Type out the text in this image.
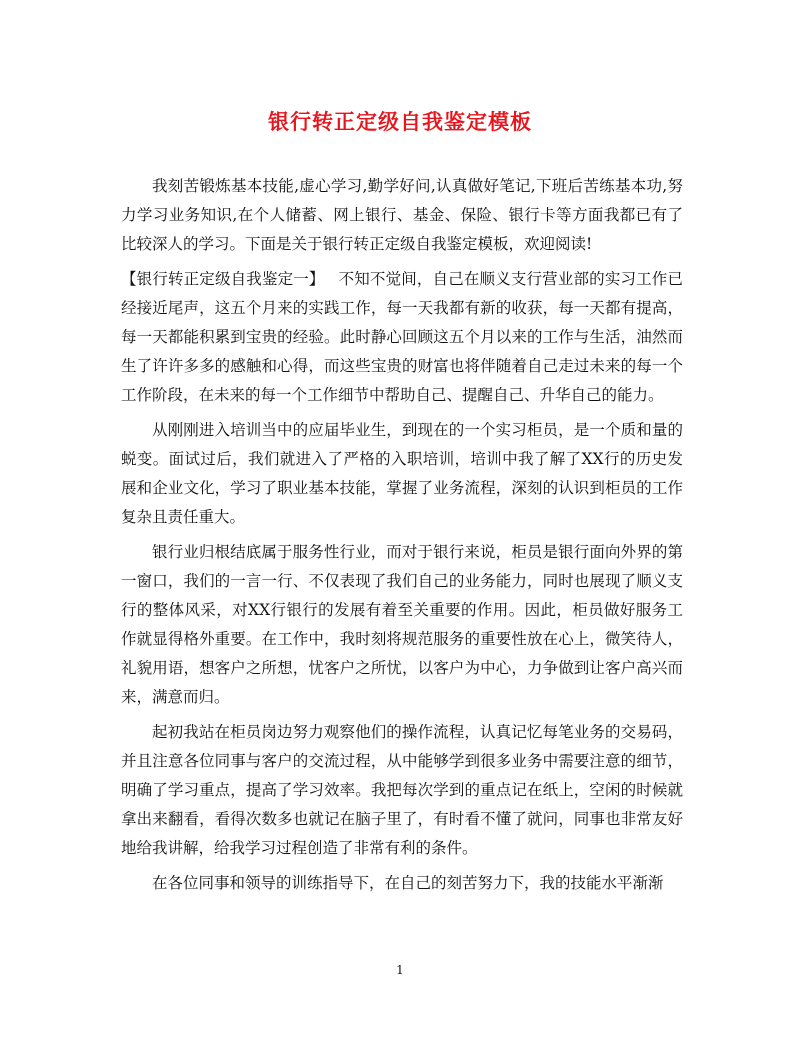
银行转正定级自我鉴定模板

我刻苦锻炼基本技能,虚心学习,勤学好问,认真做好笔记,下班后苦练基本功,努力学习业务知识,在个人储蓄、网上银行、基金、保险、银行卡等方面我都已有了比较深人的学习。下面是关于银行转正定级自我鉴定模板，欢迎阅读!

【银行转正定级自我鉴定一】 不知不觉间，自己在顺义支行营业部的实习工作已经接近尾声，这五个月来的实践工作，每一天我都有新的收获，每一天都有提高，每一天都能积累到宝贵的经验。此时静心回顾这五个月以来的工作与生活，油然而生了许许多多的感触和心得，而这些宝贵的财富也将伴随着自己走过未来的每一个工作阶段，在未来的每一个工作细节中帮助自己、提醒自己、升华自己的能力。

从刚刚进入培训当中的应届毕业生，到现在的一个实习柜员，是一个质和量的蜕变。面试过后，我们就进入了严格的入职培训，培训中我了解了XX行的历史发展和企业文化，学习了职业基本技能，掌握了业务流程，深刻的认识到柜员的工作复杂且责任重大。

银行业归根结底属于服务性行业，而对于银行来说，柜员是银行面向外界的第一窗口，我们的一言一行、不仅表现了我们自己的业务能力，同时也展现了顺义支行的整体风采，对XX行银行的发展有着至关重要的作用。因此，柜员做好服务工作就显得格外重要。在工作中，我时刻将规范服务的重要性放在心上，微笑待人，礼貌用语，想客户之所想，忧客户之所忧，以客户为中心，力争做到让客户高兴而来，满意而归。

起初我站在柜员岗边努力观察他们的操作流程，认真记忆每笔业务的交易码，并且注意各位同事与客户的交流过程，从中能够学到很多业务中需要注意的细节，明确了学习重点，提高了学习效率。我把每次学到的重点记在纸上，空闲的时候就拿出来翻看，看得次数多也就记在脑子里了，有时看不懂了就问，同事也非常友好地给我讲解，给我学习过程创造了非常有利的条件。

在各位同事和领导的训练指导下，在自己的刻苦努力下，我的技能水平渐渐

1
